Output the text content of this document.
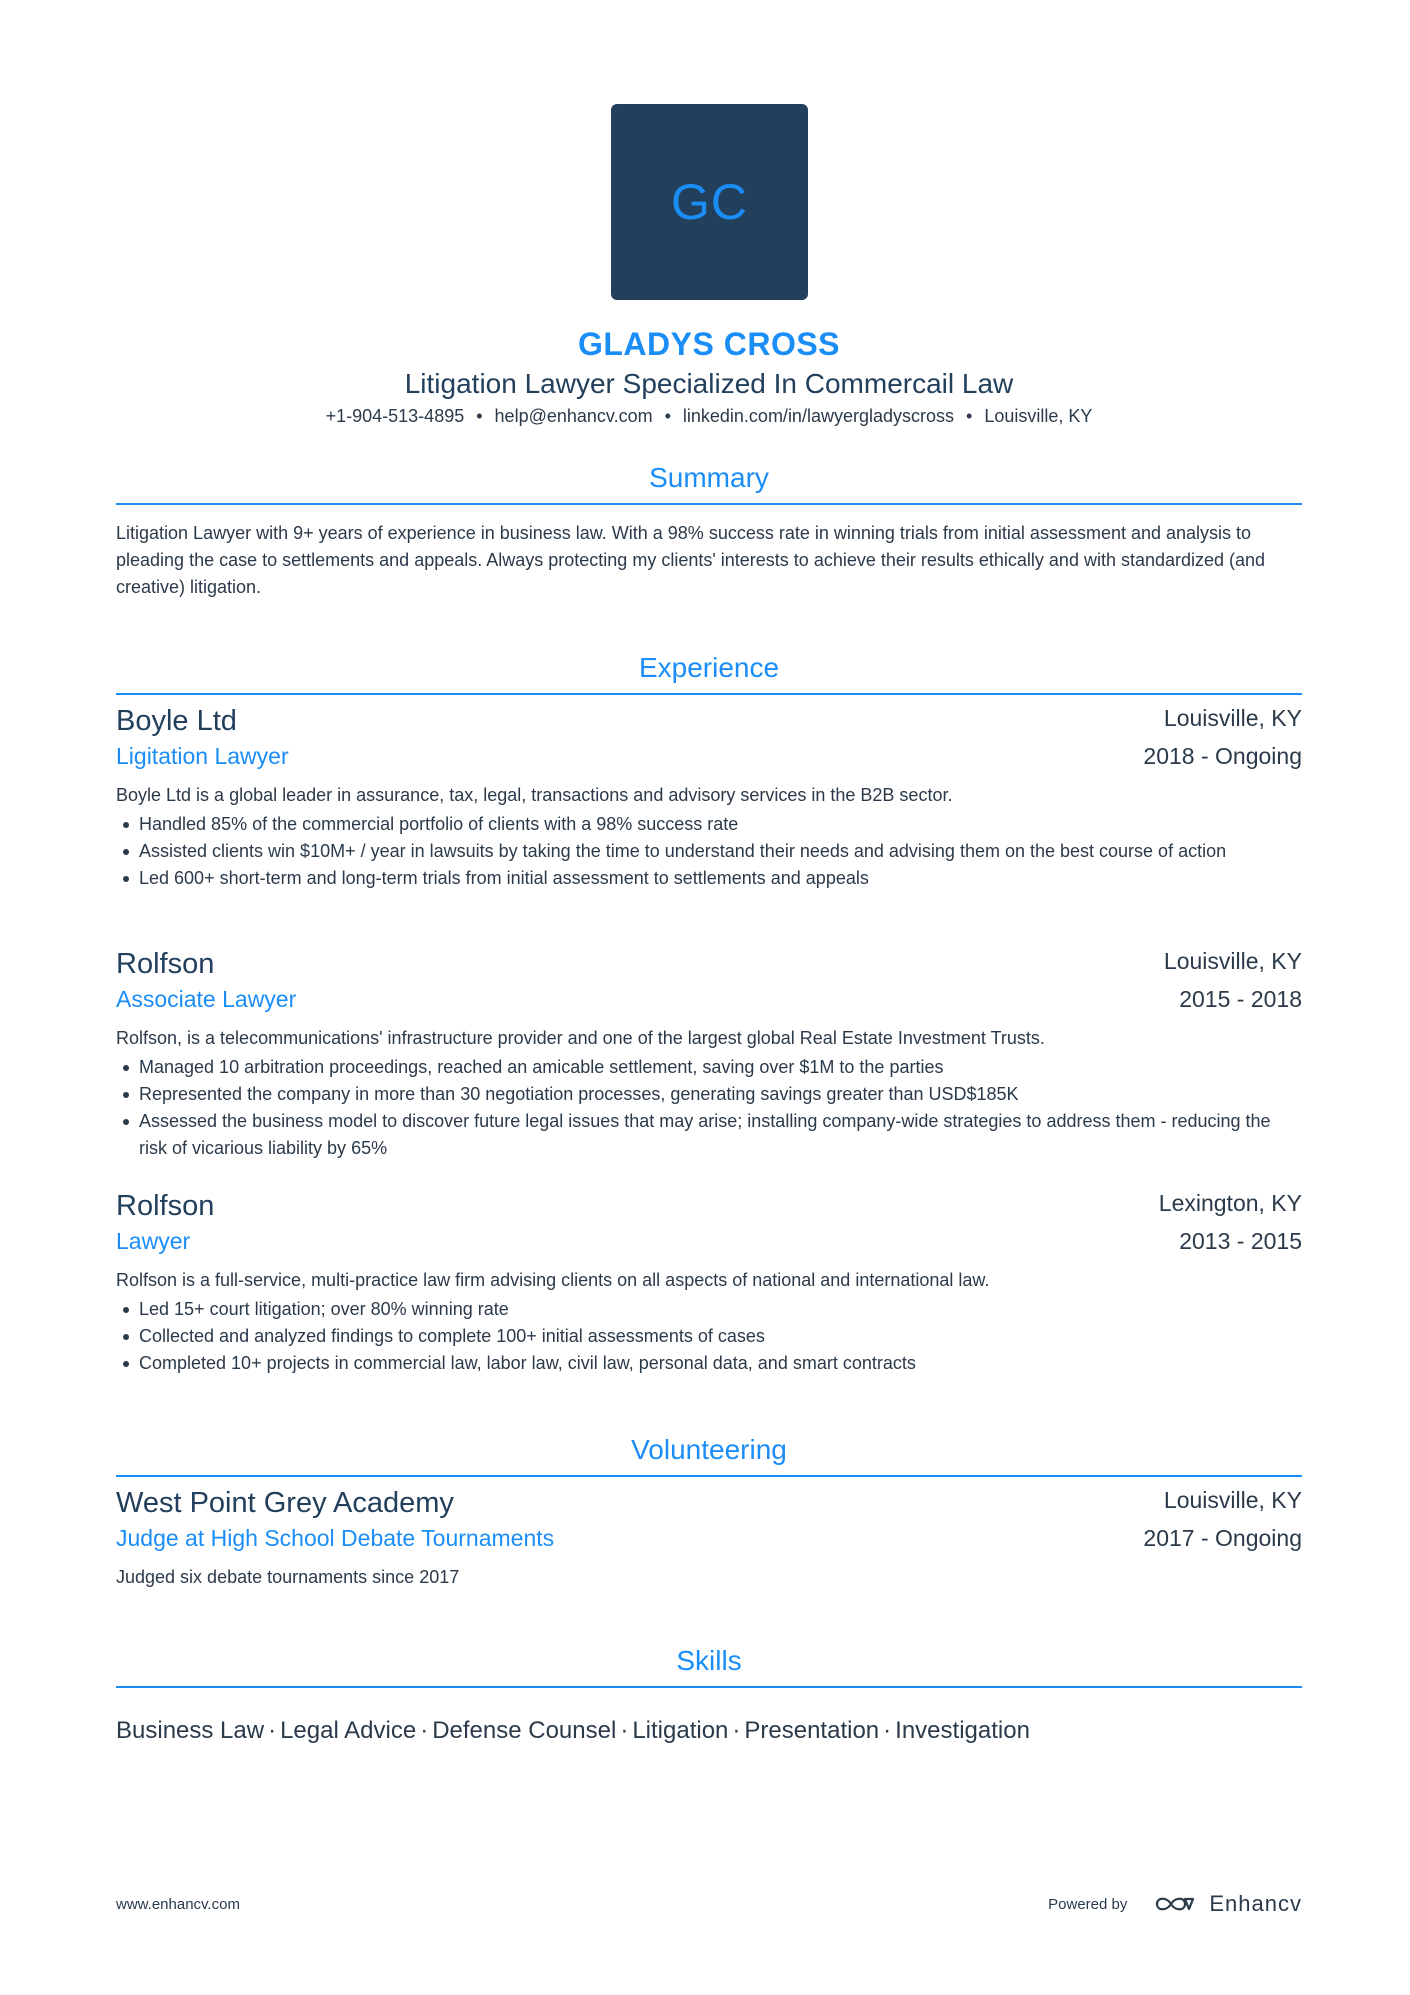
GC
GLADYS CROSS
Litigation Lawyer Specialized In Commercail Law
+1-904-513-4895 • help@enhancv.com • linkedin.com/in/lawyergladyscross • Louisville, KY
Summary
Litigation Lawyer with 9+ years of experience in business law. With a 98% success rate in winning trials from initial assessment and analysis to pleading the case to settlements and appeals. Always protecting my clients' interests to achieve their results ethically and with standardized (and creative) litigation.
Experience
Boyle Ltd	Louisville, KY
Ligitation Lawyer	2018 - Ongoing
Boyle Ltd is a global leader in assurance, tax, legal, transactions and advisory services in the B2B sector.
Handled 85% of the commercial portfolio of clients with a 98% success rate
Assisted clients win $10M+ / year in lawsuits by taking the time to understand their needs and advising them on the best course of action
Led 600+ short-term and long-term trials from initial assessment to settlements and appeals
Rolfson	Louisville, KY
Associate Lawyer	2015 - 2018
Rolfson, is a telecommunications' infrastructure provider and one of the largest global Real Estate Investment Trusts.
Managed 10 arbitration proceedings, reached an amicable settlement, saving over $1M to the parties
Represented the company in more than 30 negotiation processes, generating savings greater than USD$185K
Assessed the business model to discover future legal issues that may arise; installing company-wide strategies to address them - reducing the risk of vicarious liability by 65%
Rolfson	Lexington, KY
Lawyer	2013 - 2015
Rolfson is a full-service, multi-practice law firm advising clients on all aspects of national and international law.
Led 15+ court litigation; over 80% winning rate
Collected and analyzed findings to complete 100+ initial assessments of cases
Completed 10+ projects in commercial law, labor law, civil law, personal data, and smart contracts
Volunteering
West Point Grey Academy	Louisville, KY
Judge at High School Debate Tournaments	2017 - Ongoing
Judged six debate tournaments since 2017
Skills
Business Law · Legal Advice · Defense Counsel · Litigation · Presentation · Investigation
www.enhancv.com	Powered by	Enhancv
